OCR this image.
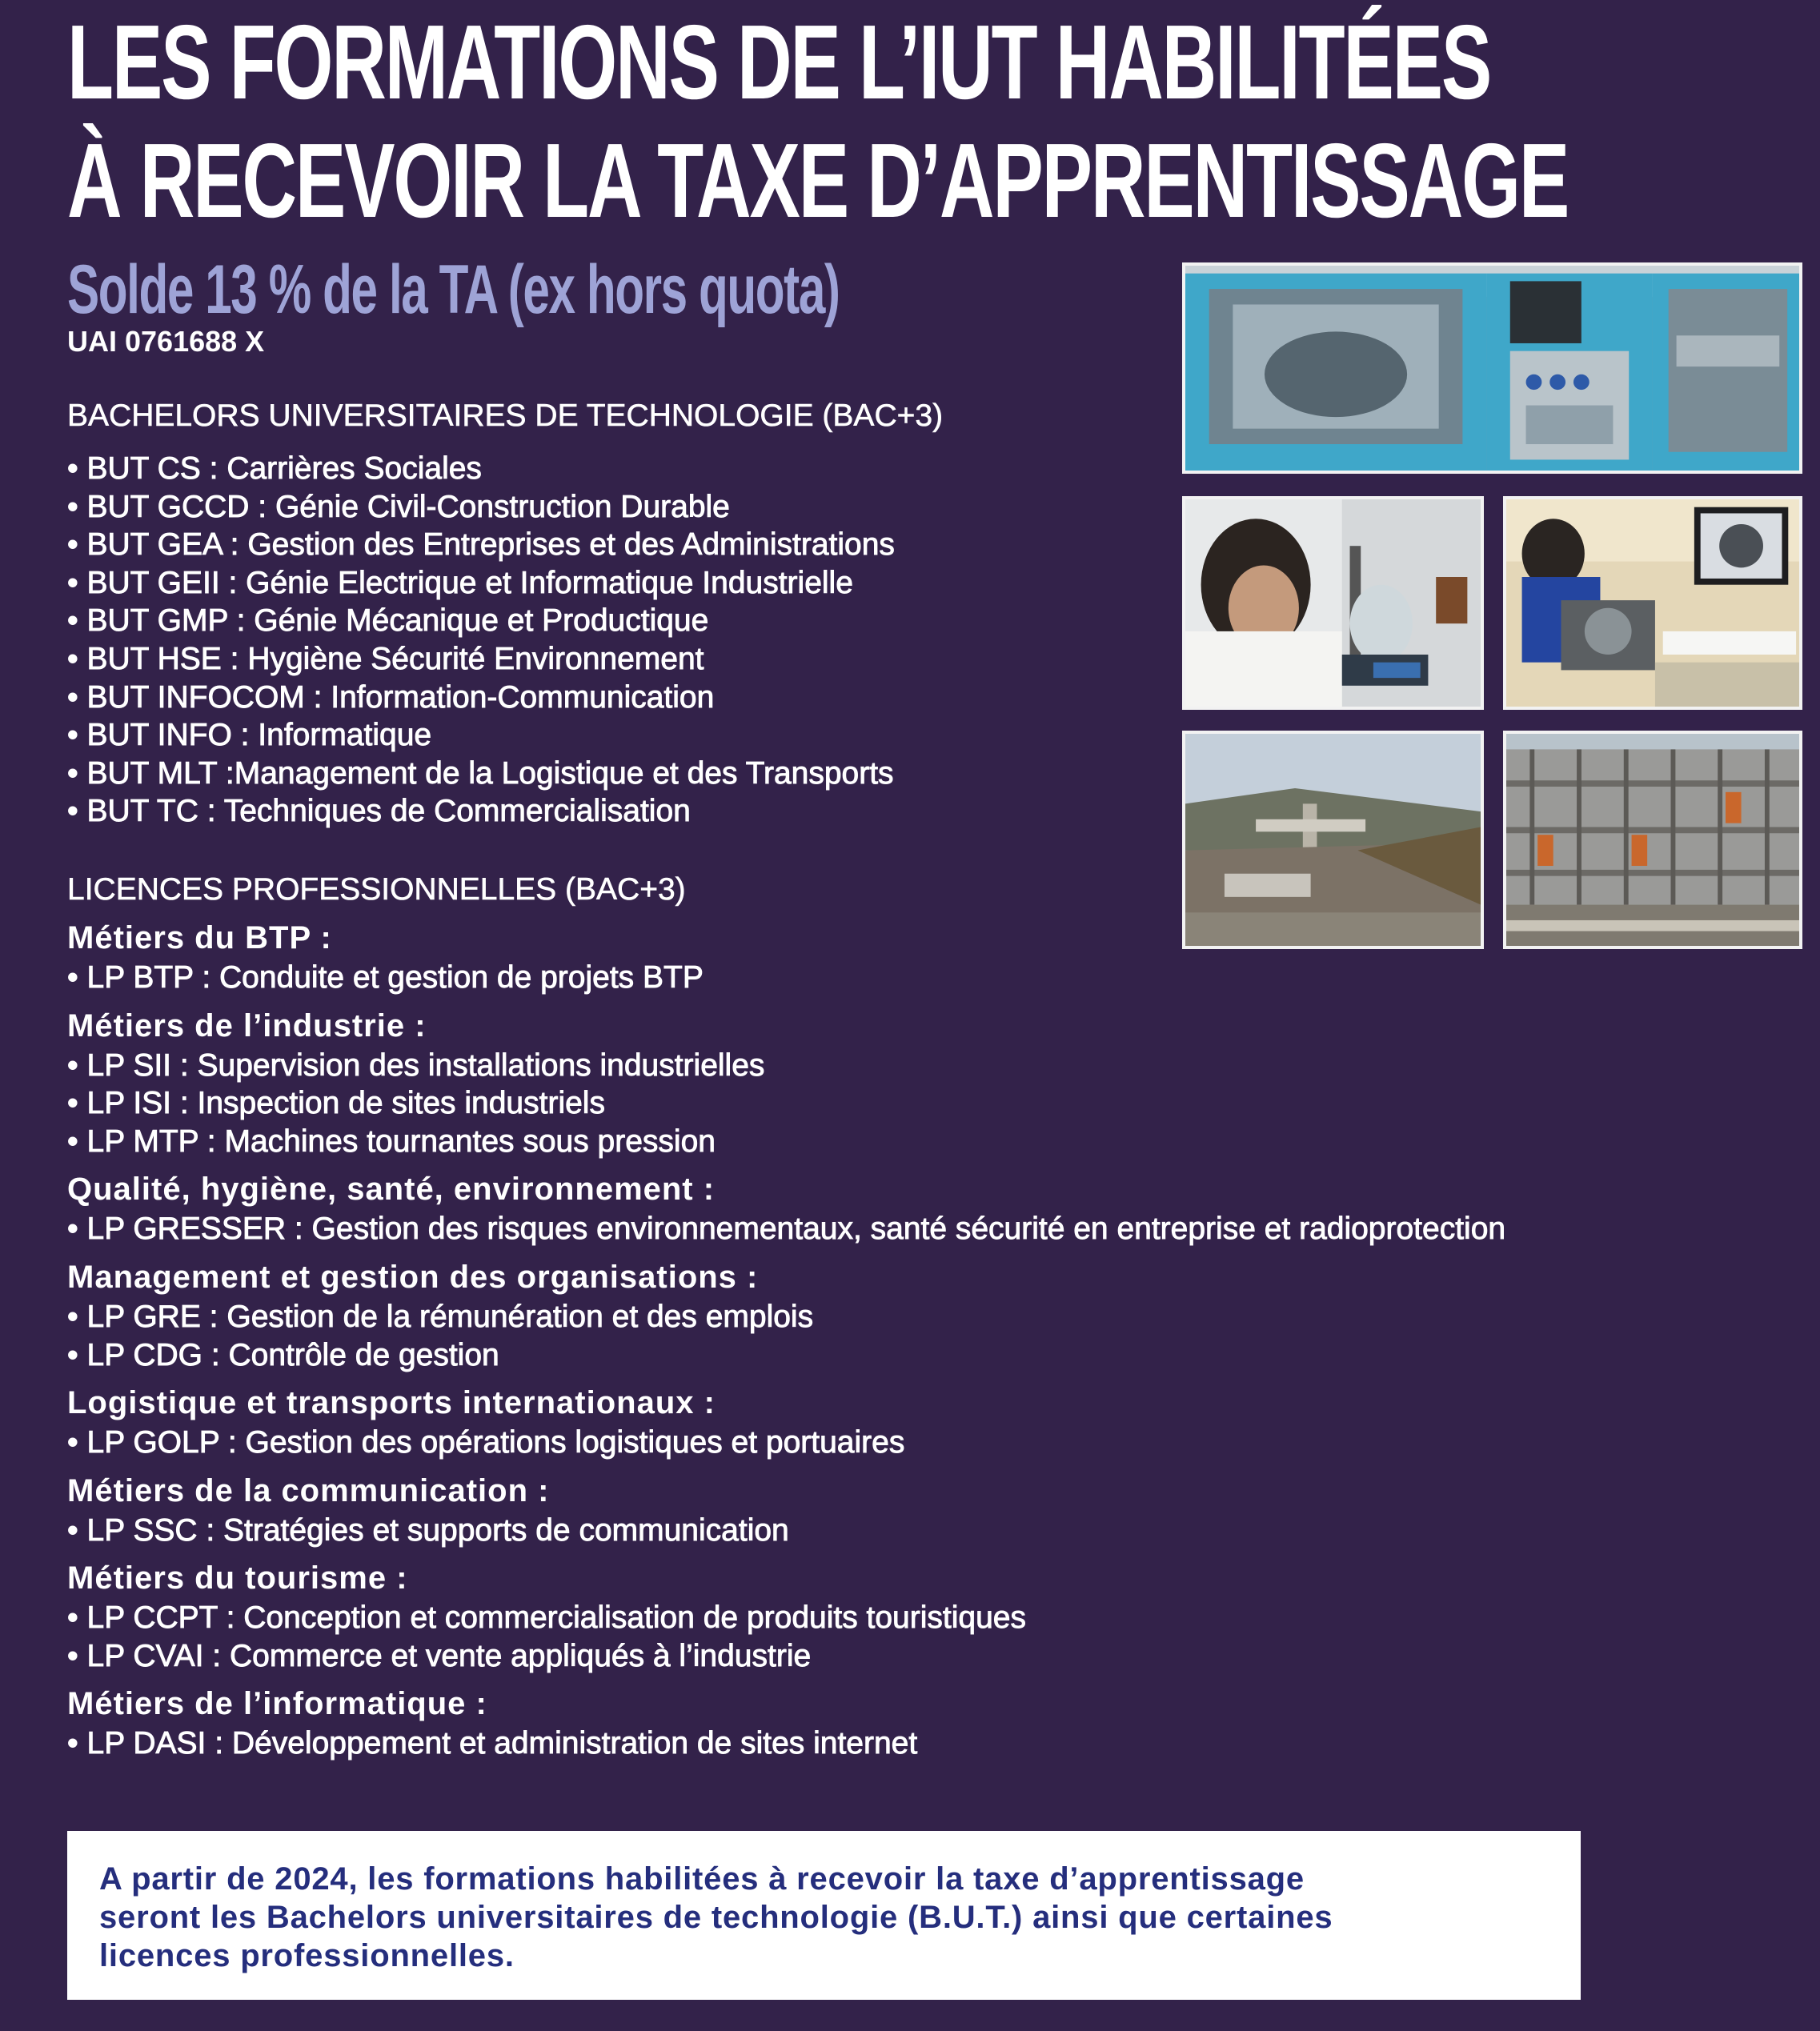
LES FORMATIONS DE L’IUT HABILITÉES
À RECEVOIR LA TAXE D’APPRENTISSAGE
Solde 13 % de la TA (ex hors quota)
UAI 0761688 X
BACHELORS UNIVERSITAIRES DE TECHNOLOGIE (BAC+3)
• BUT CS : Carrières Sociales
• BUT GCCD : Génie Civil-Construction Durable
• BUT GEA : Gestion des Entreprises et des Administrations
• BUT GEII : Génie Electrique et Informatique Industrielle
• BUT GMP : Génie Mécanique et Productique
• BUT HSE : Hygiène Sécurité Environnement
• BUT INFOCOM : Information-Communication
• BUT INFO : Informatique
• BUT MLT :Management de la Logistique et des Transports
• BUT TC : Techniques de Commercialisation
LICENCES PROFESSIONNELLES (BAC+3)
Métiers du BTP :
• LP BTP : Conduite et gestion de projets BTP
Métiers de l’industrie :
• LP SII : Supervision des installations industrielles
• LP ISI : Inspection de sites industriels
• LP MTP : Machines tournantes sous pression
Qualité, hygiène, santé, environnement :
• LP GRESSER : Gestion des risques environnementaux, santé sécurité en entreprise et radioprotection
Management et gestion des organisations :
• LP GRE : Gestion de la rémunération et des emplois
• LP CDG : Contrôle de gestion
Logistique et transports internationaux :
• LP GOLP : Gestion des opérations logistiques et portuaires
Métiers de la communication :
• LP SSC : Stratégies et supports de communication
Métiers du tourisme :
• LP CCPT : Conception et commercialisation de produits touristiques
• LP CVAI : Commerce et vente appliqués à l’industrie
Métiers de l’informatique :
• LP DASI : Développement et administration de sites internet

A partir de 2024, les formations habilitées à recevoir la taxe d’apprentissage

seront les Bachelors universitaires de technologie (B.U.T.) ainsi que certaines

licences professionnelles.
